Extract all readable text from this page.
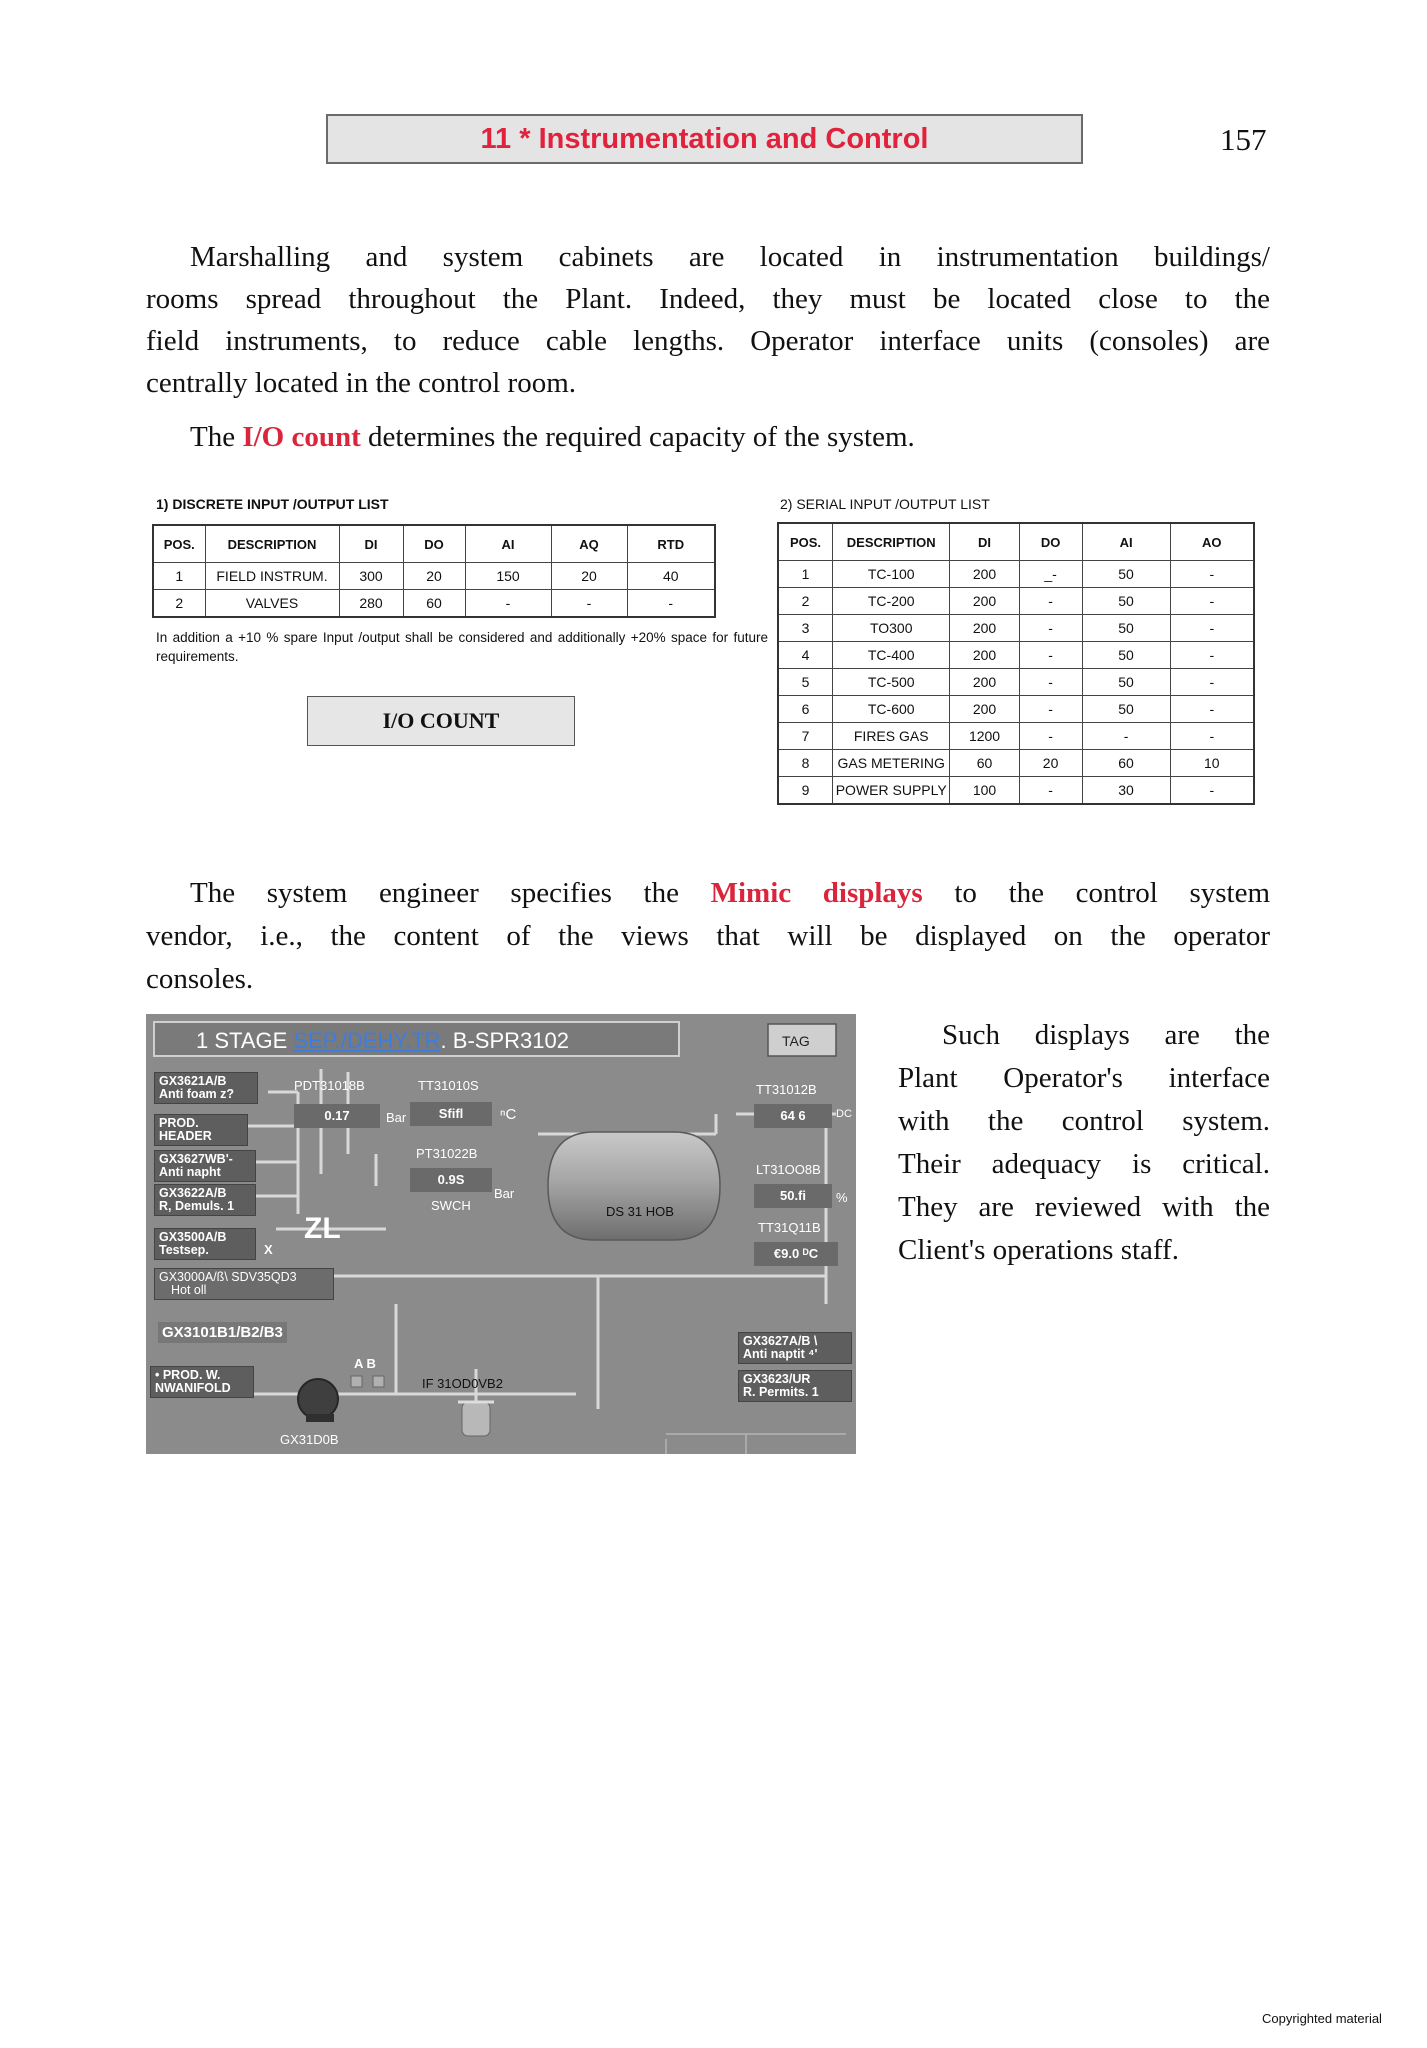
11 * Instrumentation and Control	157
Marshalling and system cabinets are located in instrumentation buildings/
rooms spread throughout the Plant. Indeed, they must be located close to the
field instruments, to reduce cable lengths. Operator interface units (consoles) are
centrally located in the control room.
The I/O count determines the required capacity of the system.
1) DISCRETE INPUT /OUTPUT LIST
POS.	DESCRIPTION	DI	DO	AI	AQ	RTD
1	FIELD INSTRUM.	300	20	150	20	40
2	VALVES	280	60	-	-	-
In addition a +10 % spare Input /output shall be considered and additionally +20% space for future requirements.
I/O COUNT
2) SERIAL INPUT /OUTPUT LIST
POS.	DESCRIPTION	DI	DO	AI	AO
1	TC-100	200	_-	50	-
2	TC-200	200	-	50	-
3	TO300	200	-	50	-
4	TC-400	200	-	50	-
5	TC-500	200	-	50	-
6	TC-600	200	-	50	-
7	FIRES GAS	1200	-	-	-
8	GAS METERING	60	20	60	10
9	POWER SUPPLY	100	-	30	-
The system engineer specifies the Mimic displays to the control system
vendor, i.e., the content of the views that will be displayed on the operator
consoles.
1 STAGE SEP./DEHY.TR. B-SPR3102	TAG
GX3621A/B
Anti foam z?
PROD.
HEADER
GX3627WB'-
Anti napht
GX3622A/B
R, Demuls. 1
GX3500A/B
Testsep.	X
ZL
GX3000A/ß\ SDV35QD3
Hot oll
GX3101B1/B2/B3
• PROD. W.
NWANIFOLD
PDT31018B
0.17	Bar
TT31010S
Sfifl	ⁿC
PT31022B
0.9S
Bar
SWCH	DS 31 HOB
TT31012B
64 6	DC
LT31OO8B
50.fi	%
TT31Q11B
€9.0 ᴰC
A B
IF 31OD0VB2
GX31D0B
GX3627A/B \
Anti naptit ⁴'
GX3623/UR
R. Permits. 1
Such displays are the
Plant Operator's interface
with the control system.
Their adequacy is critical.
They are reviewed with the
Client's operations staff.
Copyrighted material
